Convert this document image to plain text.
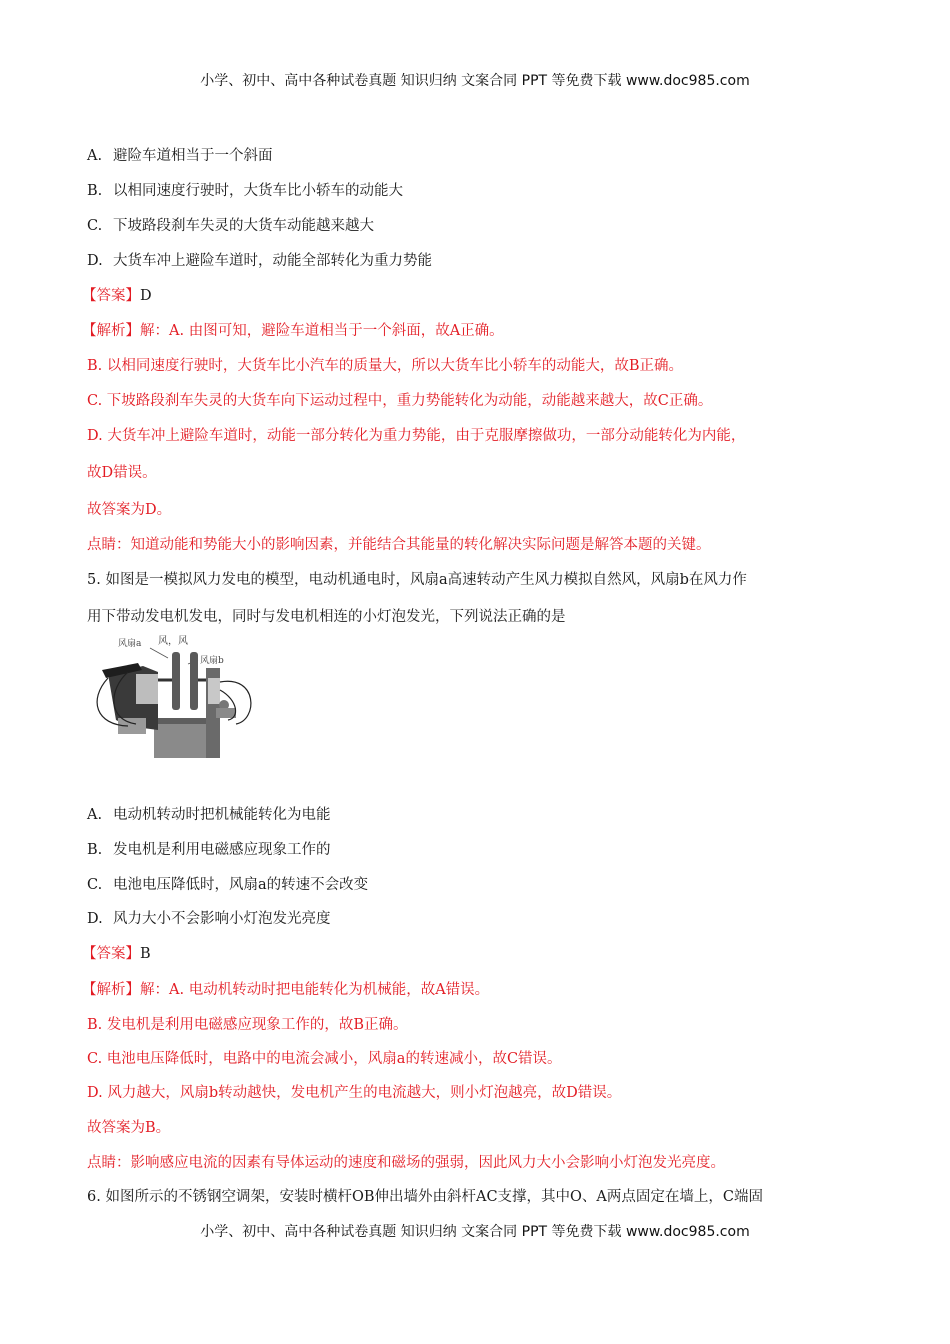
小学、初中、高中各种试卷真题 知识归纳 文案合同 PPT 等免费下载 www.doc985.com
A. 避险车道相当于一个斜面
B. 以相同速度行驶时，大货车比小轿车的动能大
C. 下坡路段刹车失灵的大货车动能越来越大
D. 大货车冲上避险车道时，动能全部转化为重力势能
【答案】D
【解析】解：A. 由图可知，避险车道相当于一个斜面，故A正确。
B. 以相同速度行驶时，大货车比小汽车的质量大，所以大货车比小轿车的动能大，故B正确。
C. 下坡路段刹车失灵的大货车向下运动过程中，重力势能转化为动能，动能越来越大，故C正确。
D. 大货车冲上避险车道时，动能一部分转化为重力势能，由于克服摩擦做功，一部分动能转化为内能，
故D错误。
故答案为D。
点睛：知道动能和势能大小的影响因素，并能结合其能量的转化解决实际问题是解答本题的关键。
5. 如图是一模拟风力发电的模型，电动机通电时，风扇a高速转动产生风力模拟自然风，风扇b在风力作
用下带动发电机发电，同时与发电机相连的小灯泡发光，下列说法正确的是
风，风
风扇a
风扇b
A. 电动机转动时把机械能转化为电能
B. 发电机是利用电磁感应现象工作的
C. 电池电压降低时，风扇a的转速不会改变
D. 风力大小不会影响小灯泡发光亮度
【答案】B
【解析】解：A. 电动机转动时把电能转化为机械能，故A错误。
B. 发电机是利用电磁感应现象工作的，故B正确。
C. 电池电压降低时，电路中的电流会减小，风扇a的转速减小，故C错误。
D. 风力越大，风扇b转动越快，发电机产生的电流越大，则小灯泡越亮，故D错误。
故答案为B。
点睛：影响感应电流的因素有导体运动的速度和磁场的强弱，因此风力大小会影响小灯泡发光亮度。
6. 如图所示的不锈钢空调架，安装时横杆OB伸出墙外由斜杆AC支撑，其中O、A两点固定在墙上，C端固
小学、初中、高中各种试卷真题 知识归纳 文案合同 PPT 等免费下载 www.doc985.com
